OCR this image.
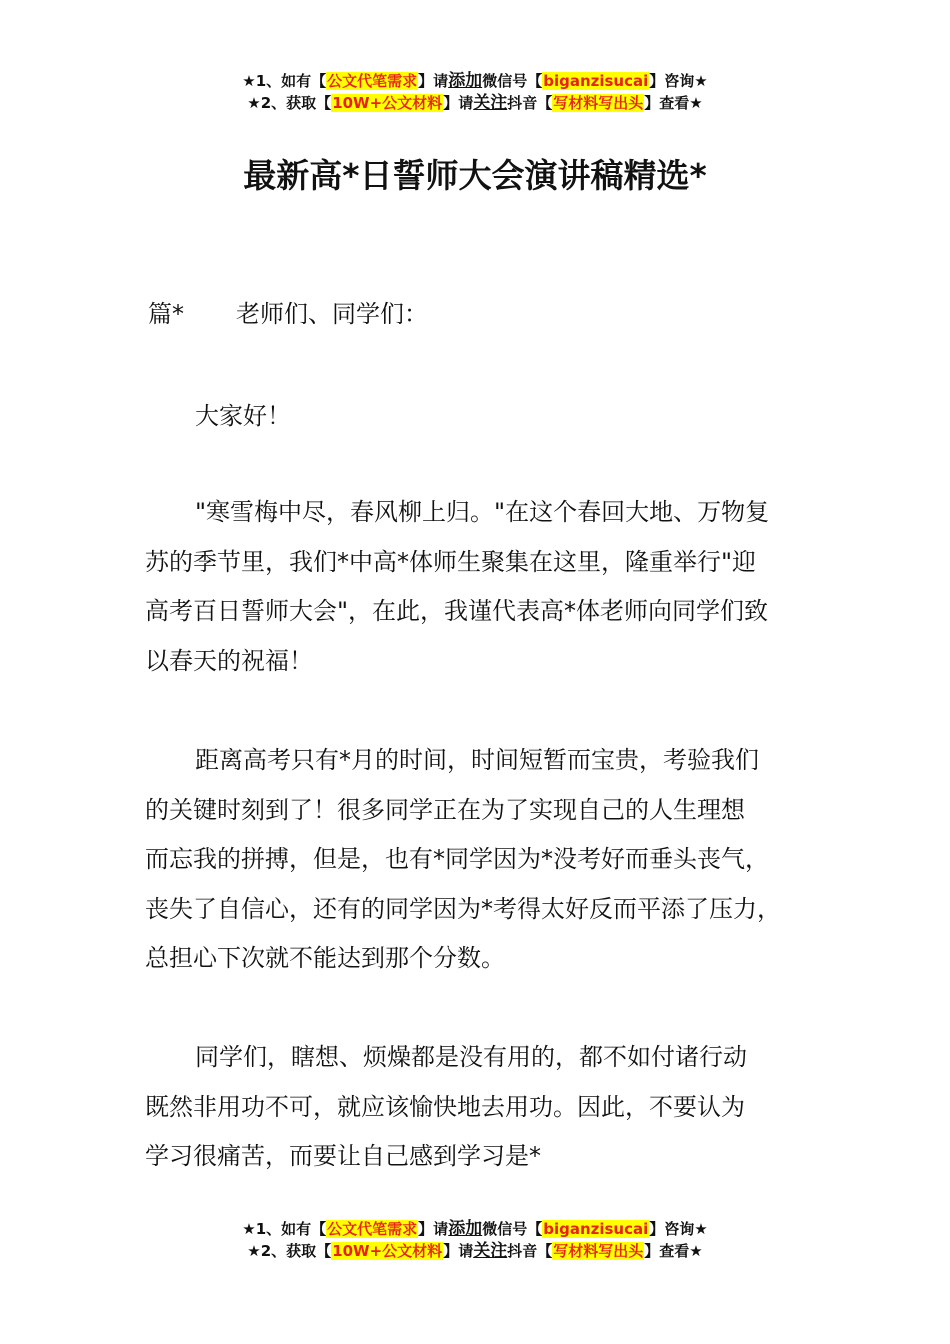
★1、如有【公文代笔需求】请添加微信号【biganzisucai】咨询★
★2、获取【10W+公文材料】请关注抖音【写材料写出头】查看★
最新高*日誓师大会演讲稿精选*
篇* 老师们、同学们：

大家好！

"寒雪梅中尽，春风柳上归。"在这个春回大地、万物复
苏的季节里，我们*中高*体师生聚集在这里，隆重举行"迎
高考百日誓师大会"，在此，我谨代表高*体老师向同学们致
以春天的祝福！

距离高考只有*月的时间，时间短暂而宝贵，考验我们
的关键时刻到了！很多同学正在为了实现自己的人生理想
而忘我的拼搏，但是，也有*同学因为*没考好而垂头丧气，
丧失了自信心，还有的同学因为*考得太好反而平添了压力，
总担心下次就不能达到那个分数。

同学们，瞎想、烦燥都是没有用的，都不如付诸行动
既然非用功不可，就应该愉快地去用功。因此，不要认为
学习很痛苦，而要让自己感到学习是*

★1、如有【公文代笔需求】请添加微信号【biganzisucai】咨询★
★2、获取【10W+公文材料】请关注抖音【写材料写出头】查看★
